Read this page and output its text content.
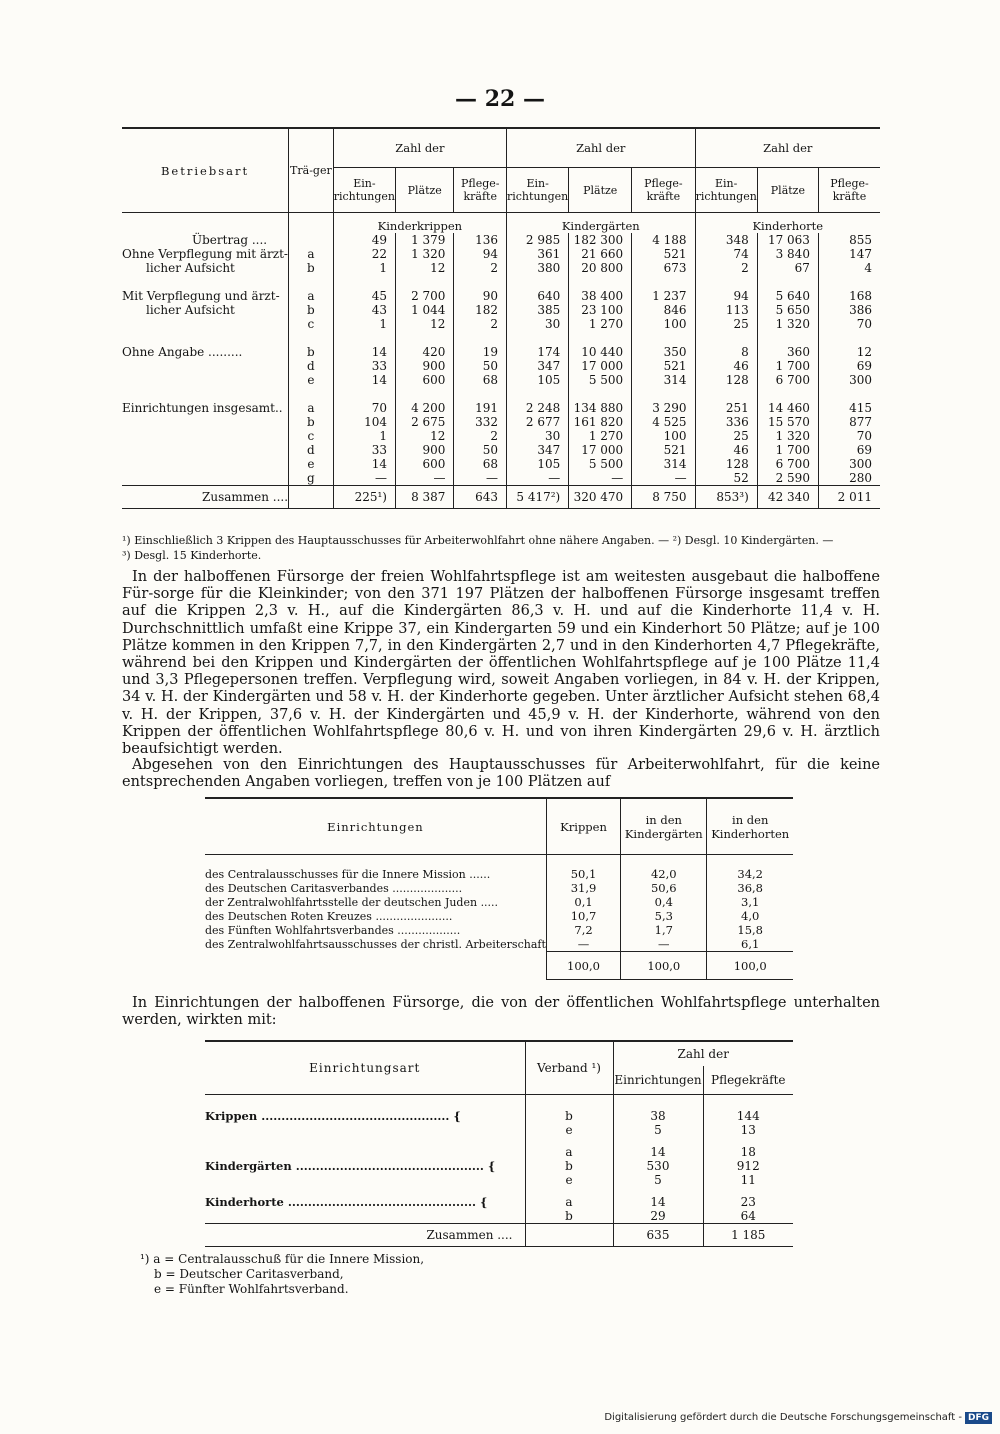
— 22 —
Betriebsart	Trä-ger	Zahl der			Zahl der			Zahl der		
		Ein-richtungen	Plätze	Pflege-kräfte	Ein-richtungen	Plätze	Pflege-kräfte	Ein-richtungen	Plätze	Pflege-kräfte
		Kinderkrippen			Kindergärten			Kinderhorte		
Übertrag ....		49	1 379	136	2 985	182 300	4 188	348	17 063	855
Ohne Verpflegung mit ärzt-	a	22	1 320	94	361	21 660	521	74	3 840	147
licher Aufsicht	b	1	12	2	380	20 800	673	2	67	4

Mit Verpflegung und ärzt-	a	45	2 700	90	640	38 400	1 237	94	5 640	168
licher Aufsicht	b	43	1 044	182	385	23 100	846	113	5 650	386
	c	1	12	2	30	1 270	100	25	1 320	70

Ohne Angabe .........	b	14	420	19	174	10 440	350	8	360	12
	d	33	900	50	347	17 000	521	46	1 700	69
	e	14	600	68	105	5 500	314	128	6 700	300

Einrichtungen insgesamt..	a	70	4 200	191	2 248	134 880	3 290	251	14 460	415
	b	104	2 675	332	2 677	161 820	4 525	336	15 570	877
	c	1	12	2	30	1 270	100	25	1 320	70
	d	33	900	50	347	17 000	521	46	1 700	69
	e	14	600	68	105	5 500	314	128	6 700	300
	g	—	—	—	—	—	—	52	2 590	280
Zusammen ....		225¹)	8 387	643	5 417²)	320 470	8 750	853³)	42 340	2 011
¹) Einschließlich 3 Krippen des Hauptausschusses für Arbeiterwohlfahrt ohne nähere Angaben. — ²) Desgl. 10 Kindergärten. —
³) Desgl. 15 Kinderhorte.
In der halboffenen Fürsorge der freien Wohlfahrtspflege ist am weitesten ausgebaut die halboffene Für-sorge für die Kleinkinder; von den 371 197 Plätzen der halboffenen Fürsorge insgesamt treffen auf die Krippen 2,3 v. H., auf die Kindergärten 86,3 v. H. und auf die Kinderhorte 11,4 v. H. Durchschnittlich umfaßt eine Krippe 37, ein Kindergarten 59 und ein Kinderhort 50 Plätze; auf je 100 Plätze kommen in den Krippen 7,7, in den Kindergärten 2,7 und in den Kinderhorten 4,7 Pflegekräfte, während bei den Krippen und Kindergärten der öffentlichen Wohlfahrtspflege auf je 100 Plätze 11,4 und 3,3 Pflegepersonen treffen. Verpflegung wird, soweit Angaben vorliegen, in 84 v. H. der Krippen, 34 v. H. der Kindergärten und 58 v. H. der Kinderhorte gegeben. Unter ärztlicher Aufsicht stehen 68,4 v. H. der Krippen, 37,6 v. H. der Kindergärten und 45,9 v. H. der Kinderhorte, während von den Krippen der öffentlichen Wohlfahrtspflege 80,6 v. H. und von ihren Kindergärten 29,6 v. H. ärztlich beaufsichtigt werden.
Abgesehen von den Einrichtungen des Hauptausschusses für Arbeiterwohlfahrt, für die keine entsprechenden Angaben vorliegen, treffen von je 100 Plätzen auf
Einrichtungen	Krippen	in den Kindergärten	in den Kinderhorten

des Centralausschusses für die Innere Mission ......	50,1	42,0	34,2
des Deutschen Caritasverbandes ....................	31,9	50,6	36,8
der Zentralwohlfahrtsstelle der deutschen Juden .....	0,1	0,4	3,1
des Deutschen Roten Kreuzes ......................	10,7	5,3	4,0
des Fünften Wohlfahrtsverbandes ..................	7,2	1,7	15,8
des Zentralwohlfahrtsausschusses der christl. Arbeiterschaft	—	—	6,1
	100,0	100,0	100,0
In Einrichtungen der halboffenen Fürsorge, die von der öffentlichen Wohlfahrtspflege unterhalten werden, wirkten mit:
Einrichtungsart	Verband ¹)	Zahl der	
		Einrichtungen	Pflegekräfte

Krippen ............................................... {	b	38	144
	e	5	13

	a	14	18
Kindergärten ............................................... {	b	530	912
	e	5	11

Kinderhorte ............................................... {	a	14	23
	b	29	64
Zusammen ....		635	1 185
¹) a = Centralausschuß für die Innere Mission,
b = Deutscher Caritasverband,
e = Fünfter Wohlfahrtsverband.
Digitalisierung gefördert durch die Deutsche Forschungsgemeinschaft - DFG
